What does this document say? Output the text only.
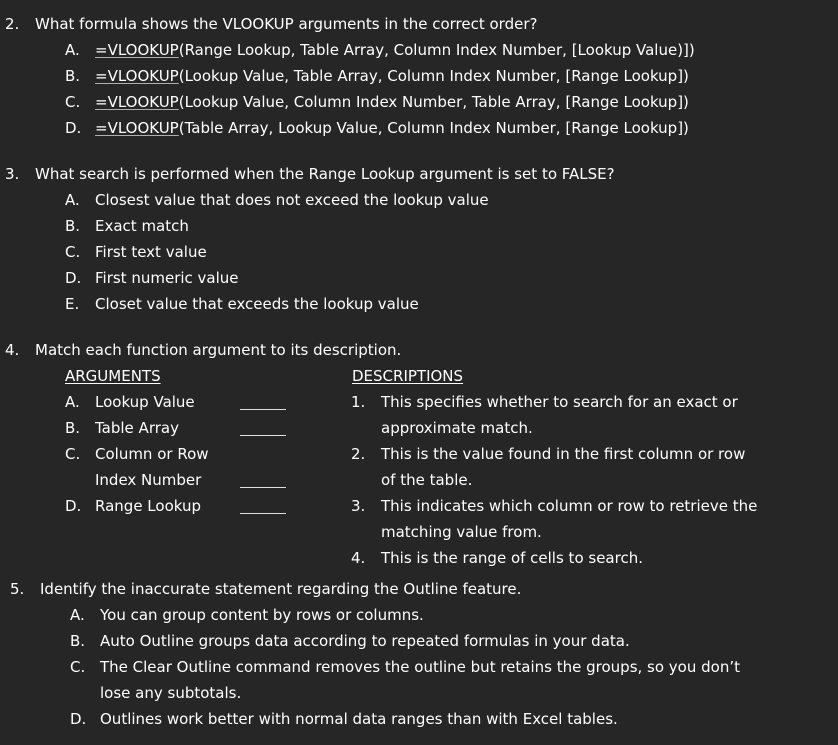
2. What formula shows the VLOOKUP arguments in the correct order?
A. =VLOOKUP(Range Lookup, Table Array, Column Index Number, [Lookup Value)])
B. =VLOOKUP(Lookup Value, Table Array, Column Index Number, [Range Lookup])
C. =VLOOKUP(Lookup Value, Column Index Number, Table Array, [Range Lookup])
D. =VLOOKUP(Table Array, Lookup Value, Column Index Number, [Range Lookup])
3. What search is performed when the Range Lookup argument is set to FALSE?
A. Closest value that does not exceed the lookup value
B. Exact match
C. First text value
D. First numeric value
E. Closet value that exceeds the lookup value
4. Match each function argument to its description.
ARGUMENTS	DESCRIPTIONS
A. Lookup Value
B. Table Array
C. Column or Row
Index Number
D. Range Lookup
1. This specifies whether to search for an exact or
approximate match.
2. This is the value found in the first column or row
of the table.
3. This indicates which column or row to retrieve the
matching value from.
4. This is the range of cells to search.
5. Identify the inaccurate statement regarding the Outline feature.
A. You can group content by rows or columns.
B. Auto Outline groups data according to repeated formulas in your data.
C. The Clear Outline command removes the outline but retains the groups, so you don’t
lose any subtotals.
D. Outlines work better with normal data ranges than with Excel tables.
